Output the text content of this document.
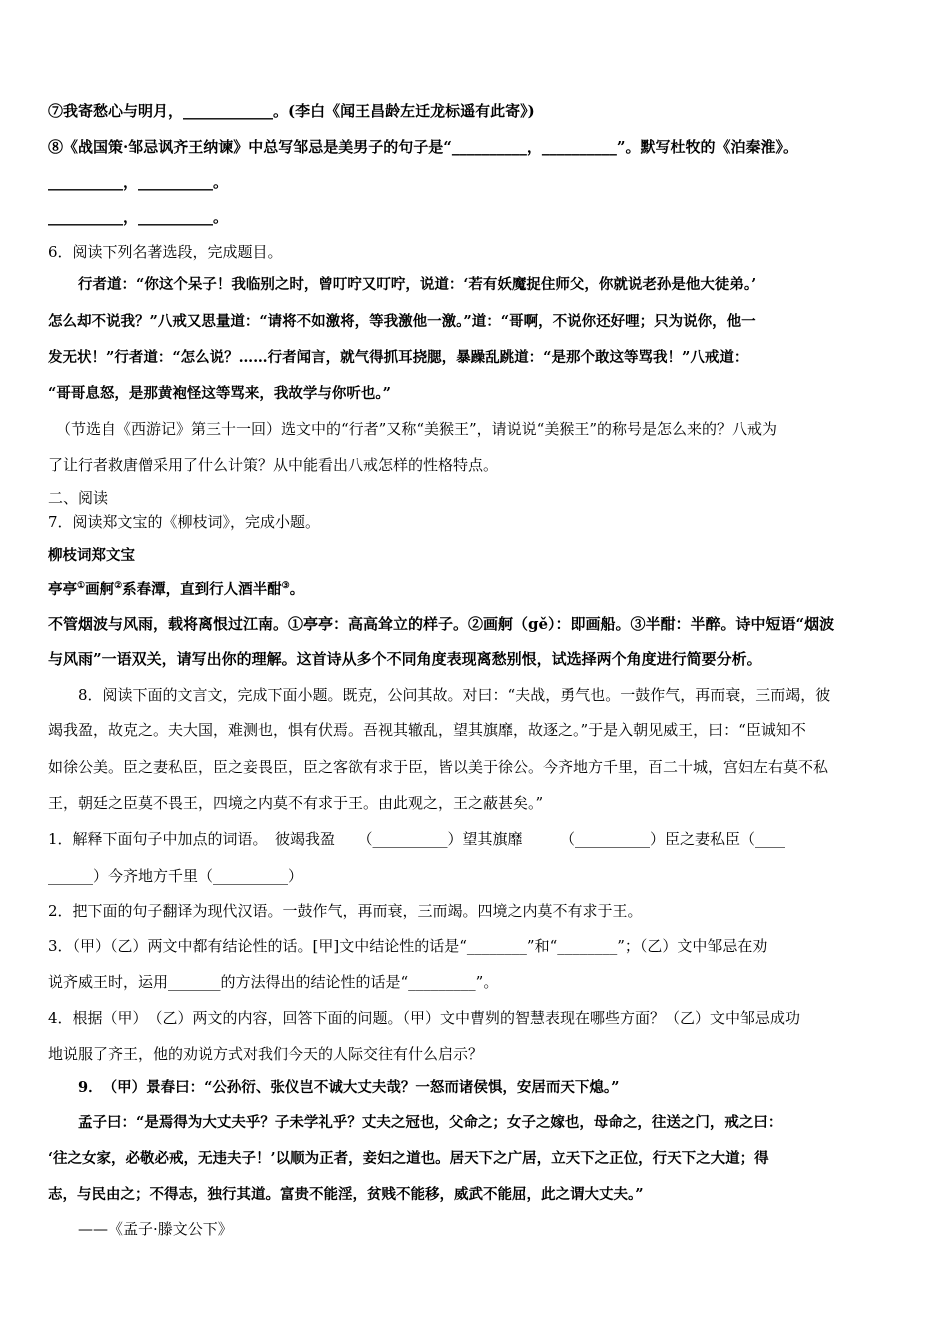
⑦我寄愁心与明月，____________。(李白《闻王昌龄左迁龙标遥有此寄》)
⑧《战国策·邹忌讽齐王纳谏》中总写邹忌是美男子的句子是“__________，__________”。默写杜牧的《泊秦淮》。
__________，__________。
__________，__________。
6．阅读下列名著选段，完成题目。
行者道：“你这个呆子！我临别之时，曾叮咛又叮咛，说道：‘若有妖魔捉住师父，你就说老孙是他大徒弟。’
怎么却不说我？”八戒又思量道：“请将不如激将，等我激他一激。”道：“哥啊，不说你还好哩；只为说你，他一
发无状！”行者道：“怎么说？……行者闻言，就气得抓耳挠腮，暴躁乱跳道：“是那个敢这等骂我！”八戒道：
“哥哥息怒，是那黄袍怪这等骂来，我故学与你听也。”
（节选自《西游记》第三十一回）选文中的“行者”又称“美猴王”，请说说“美猴王”的称号是怎么来的？八戒为
了让行者救唐僧采用了什么计策？从中能看出八戒怎样的性格特点。
二、阅读
7．阅读郑文宝的《柳枝词》，完成小题。
柳枝词郑文宝
亭亭①画舸②系春潭，直到行人酒半酣③。
不管烟波与风雨，载将离恨过江南。①亭亭：高高耸立的样子。②画舸（gě）：即画船。③半酣：半醉。诗中短语“烟波
与风雨”一语双关，请写出你的理解。这首诗从多个不同角度表现离愁别恨，试选择两个角度进行简要分析。
8．阅读下面的文言文，完成下面小题。既克，公问其故。对曰：“夫战，勇气也。一鼓作气，再而衰，三而竭，彼
竭我盈，故克之。夫大国，难测也，惧有伏焉。吾视其辙乱，望其旗靡，故逐之。”于是入朝见威王，曰：“臣诚知不
如徐公美。臣之妻私臣，臣之妾畏臣，臣之客欲有求于臣，皆以美于徐公。今齐地方千里，百二十城，宫妇左右莫不私
王，朝廷之臣莫不畏王，四境之内莫不有求于王。由此观之，王之蔽甚矣。”
1．解释下面句子中加点的词语。　彼竭我盈　　（__________）望其旗靡　　　（__________）臣之妻私臣（____
______）今齐地方千里（__________）
2．把下面的句子翻译为现代汉语。一鼓作气，再而衰，三而竭。四境之内莫不有求于王。
3．（甲）（乙）两文中都有结论性的话。[甲]文中结论性的话是“________”和“________”；（乙）文中邹忌在劝
说齐威王时，运用_______的方法得出的结论性的话是“_________”。
4．根据（甲）　（乙）两文的内容，回答下面的问题。（甲）文中曹刿的智慧表现在哪些方面？（乙）文中邹忌成功
地说服了齐王，他的劝说方式对我们今天的人际交往有什么启示？
9．　（甲）景春曰：“公孙衍、张仪岂不诚大丈夫哉？一怒而诸侯惧，安居而天下熄。”
孟子曰：“是焉得为大丈夫乎？子未学礼乎？丈夫之冠也，父命之；女子之嫁也，母命之，往送之门，戒之曰：
‘往之女家，必敬必戒，无违夫子！’以顺为正者，妾妇之道也。居天下之广居，立天下之正位，行天下之大道；得
志，与民由之；不得志，独行其道。富贵不能淫，贫贱不能移，威武不能屈，此之谓大丈夫。”
——《孟子·滕文公下》
